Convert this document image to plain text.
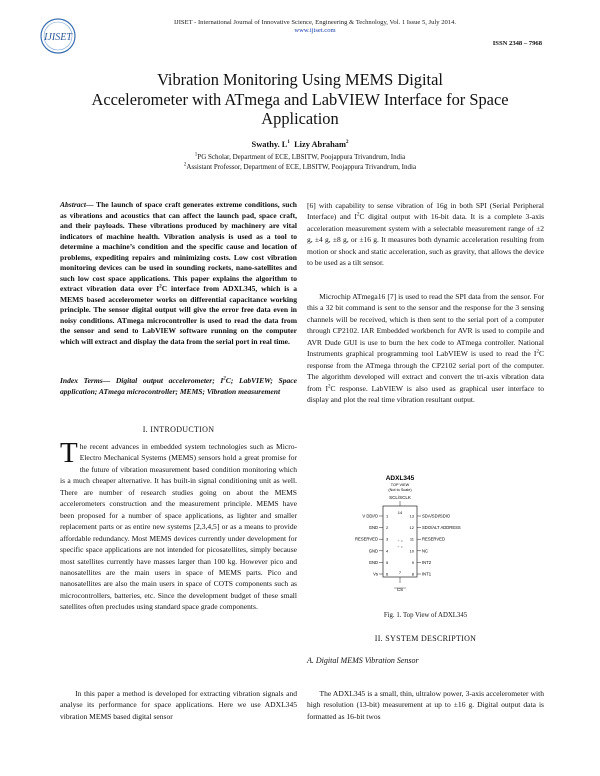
IJISET
IJISET - International Journal of Innovative Science, Engineering & Technology, Vol. 1 Issue 5, July 2014.
www.ijiset.com
ISSN 2348 – 7968
Vibration Monitoring Using MEMS Digital
Accelerometer with ATmega and LabVIEW Interface for Space
Application
Swathy. $L^1$ Lizy Abraham$^2$
$^1$PG Scholar, Department of ECE, LBSITW, Poojappura Trivandrum, India
$^2$Assistant Professor, Department of ECE, LBSITW, Poojappura Trivandrum, India

Abstract— The launch of space craft generates extreme conditions, such as vibrations and acoustics that can affect the launch pad, space craft, and their payloads. These vibrations produced by machinery are vital indicators of machine health. Vibration analysis is used as a tool to determine a machine’s condition and the specific cause and location of problems, expediting repairs and minimizing costs. Low cost vibration monitoring devices can be used in sounding rockets, nano-satellites and such low cost space applications. This paper explains the algorithm to extract vibration data over $I^2C$ interface from ADXL345, which is a MEMS based accelerometer works on differential capacitance working principle. The sensor digital output will give the error free data even in noisy conditions. ATmega microcontroller is used to read the data from the sensor and send to LabVIEW software running on the computer which will extract and display the data from the serial port in real time.

Index Terms— Digital output accelerometer; $I^2C$; LabVIEW; Space application; ATmega microcontroller; MEMS; Vibration measurement

I. INTRODUCTION

The recent advances in embedded system technologies such as Micro-Electro Mechanical Systems (MEMS) sensors hold a great promise for the future of vibration measurement based condition monitoring which is a much cheaper alternative. It has built-in signal conditioning unit as well. There are number of research studies going on about the MEMS accelerometers construction and the measurement principle. MEMS have been proposed for a number of space applications, as lighter and smaller replacement parts or as entire new systems [2,3,4,5] or as a means to provide affordable redundancy. Most MEMS devices currently under development for specific space applications are not intended for picosatellites, simply because most satellites currently have masses larger than 100 kg. However pico and nanosatellites are the main users in space of MEMS parts. Pico and nanosatellites are also the main users in space of COTS components such as microcontrollers, batteries, etc. Since the development budget of these small satellites often precludes using standard space grade components.

In this paper a method is developed for extracting vibration signals and analyse its performance for space applications. Here we use ADXL345 vibration MEMS based digital sensor

[6] with capability to sense vibration of 16g in both SPI (Serial Peripheral Interface) and $I^2C$ digital output with 16-bit data. It is a complete 3-axis acceleration measurement system with a selectable measurement range of ±2 g, ±4 g, ±8 g, or ±16 g. It measures both dynamic acceleration resulting from motion or shock and static acceleration, such as gravity, that allows the device to be used as a tilt sensor.

Microchip ATmega16 [7] is used to read the SPI data from the sensor. For this a 32 bit command is sent to the sensor and the response for the 3 sensing channels will be received, which is then sent to the serial port of a computer through CP2102. IAR Embedded workbench for AVR is used to compile and AVR Dude GUI is use to burn the hex code to ATmega controller. National Instruments graphical programming tool LabVIEW is used to read the $I^2C$ response from the ATmega through the CP2102 serial port of the computer. The algorithm developed will extract and convert the tri-axis vibration data from $I^2C$ response. LabVIEW is also used as graphical user interface to display and plot the real time vibration resultant output.

ADXL345
TOP VIEW
(Not to Scale)
SCL/SCLK
CS
14
7
+ x
+ z
V DDI/O 1
GND 2
RESERVED 3
GND 4
GND 5
Vs 6
13 SDA/SDI/SDIO
12 SDO/ALT ADDRESS
11 RESERVED
10 NC
9 INT2
8 INT1
Fig. 1. Top View of ADXL345
II. SYSTEM DESCRIPTION
A. Digital MEMS Vibration Sensor

The ADXL345 is a small, thin, ultralow power, 3-axis accelerometer with high resolution (13-bit) measurement at up to ±16 g. Digital output data is formatted as 16-bit twos
